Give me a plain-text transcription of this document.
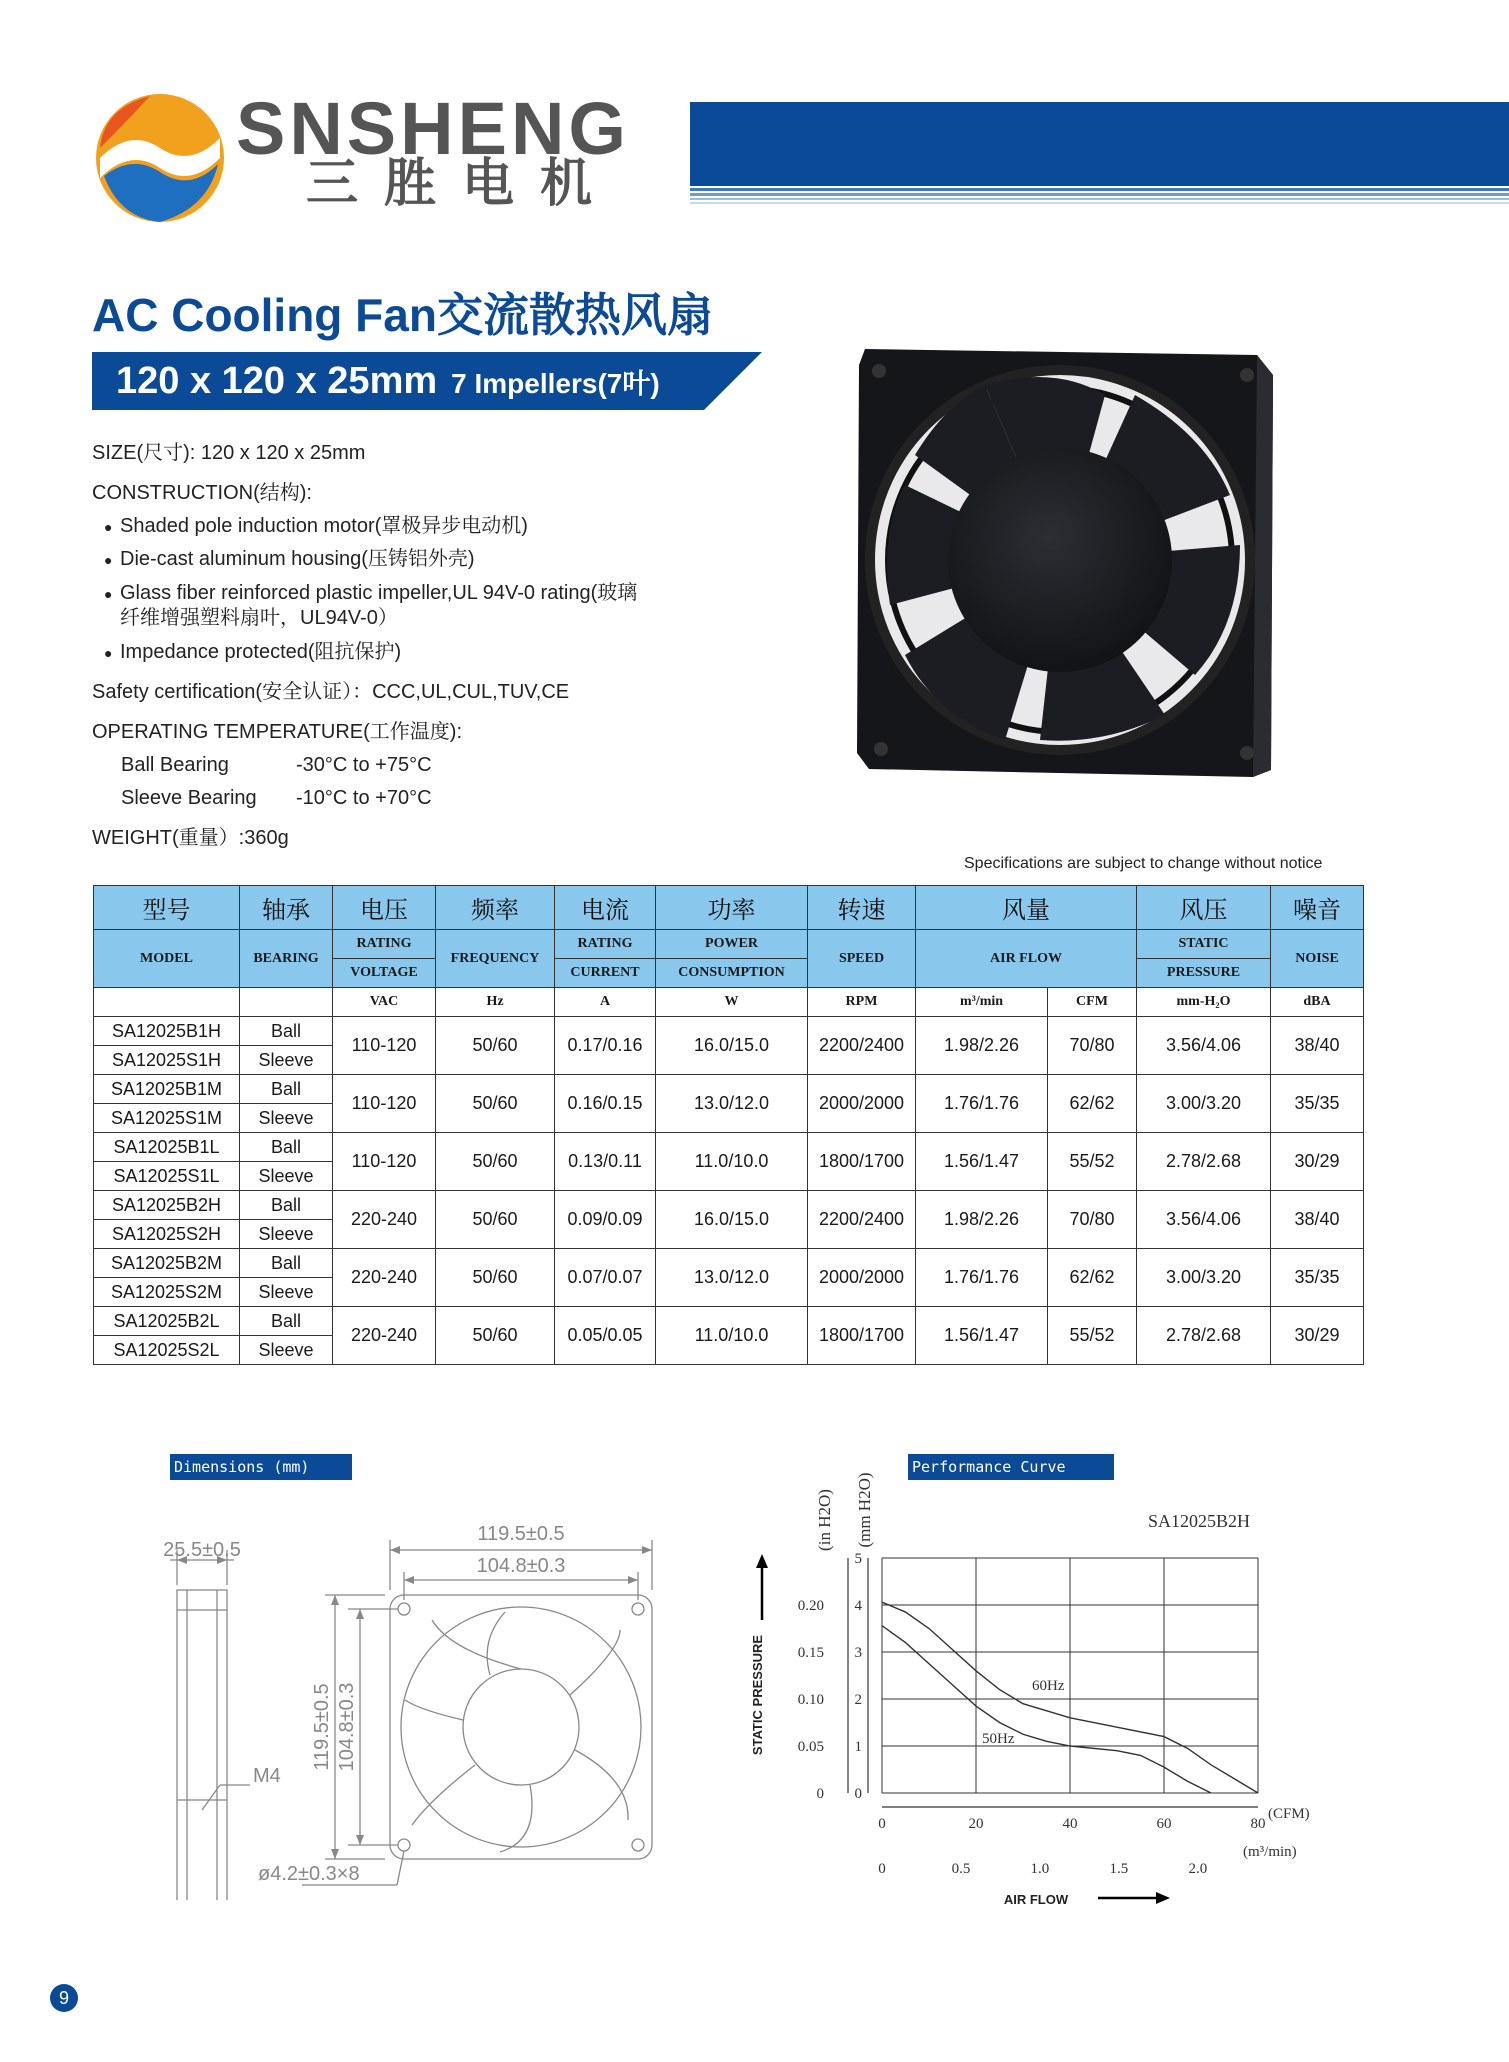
SNSHENG
三胜电机
AC Cooling Fan交流散热风扇
120 x 120 x 25mm 7 Impellers(7叶)
SIZE(尺寸): 120 x 120 x 25mm
CONSTRUCTION(结构):
● Shaded pole induction motor(罩极异步电动机)
● Die-cast aluminum housing(压铸铝外壳)
● Glass fiber reinforced plastic impeller,UL 94V-0 rating(玻璃
纤维增强塑料扇叶，UL94V-0）
● Impedance protected(阻抗保护)
Safety certification(安全认证）：CCC,UL,CUL,TUV,CE
OPERATING TEMPERATURE(工作温度):
Ball Bearing	-30°C to +75°C
Sleeve Bearing -10°C to +70°C
WEIGHT(重量）:360g
Specifications are subject to change without notice
型号	轴承	电压	频率	电流	功率	转速	风量		风压	噪音
MODEL	BEARING	RATING	FREQUENCY	RATING	POWER	SPEED	AIR FLOW		STATIC	NOISE
		VOLTAGE		CURRENT	CONSUMPTION				PRESSURE	
		VAC	Hz	A	W	RPM	m³/min	CFM	mm-H₂O	dBA
SA12025B1H	Ball	110-120	50/60	0.17/0.16	16.0/15.0	2200/2400	1.98/2.26	70/80	3.56/4.06	38/40
SA12025S1H	Sleeve									
SA12025B1M	Ball	110-120	50/60	0.16/0.15	13.0/12.0	2000/2000	1.76/1.76	62/62	3.00/3.20	35/35
SA12025S1M	Sleeve									
SA12025B1L	Ball	110-120	50/60	0.13/0.11	11.0/10.0	1800/1700	1.56/1.47	55/52	2.78/2.68	30/29
SA12025S1L	Sleeve									
SA12025B2H	Ball	220-240	50/60	0.09/0.09	16.0/15.0	2200/2400	1.98/2.26	70/80	3.56/4.06	38/40
SA12025S2H	Sleeve									
SA12025B2M	Ball	220-240	50/60	0.07/0.07	13.0/12.0	2000/2000	1.76/1.76	62/62	3.00/3.20	35/35
SA12025S2M	Sleeve									
SA12025B2L	Ball	220-240	50/60	0.05/0.05	11.0/10.0	1800/1700	1.56/1.47	55/52	2.78/2.68	30/29
SA12025S2L	Sleeve									
Dimensions (mm)
119.5±0.5
104.8±0.3
25.5±0.5
119.5±0.5 104.8±0.3
M4
ø4.2±0.3×8
Performance Curve
(in H2O) (mm H2O)	SA12025B2H
STATIC PRESSURE
AIR FLOW
0
1
2
3
4
5
0
0.05
0.10
0.15
0.20
0	20	40	60	80
0	0.5	1.0	1.5	2.0
60Hz
50Hz
(CFM)
(m³/min)
9
